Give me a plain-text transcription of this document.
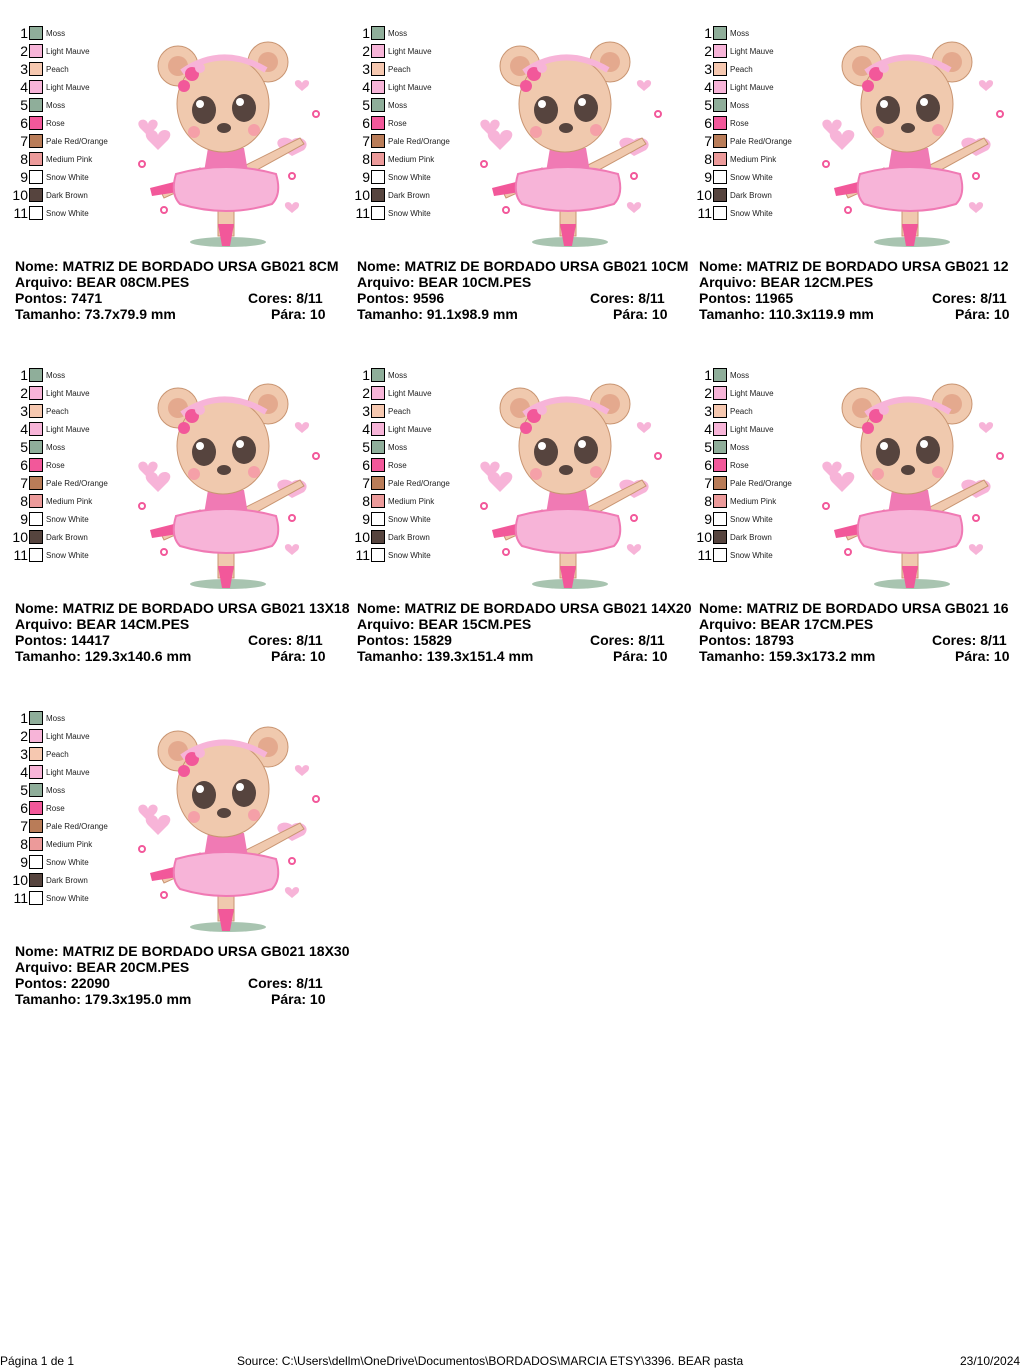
1 Moss
2 Light Mauve
3 Peach
4 Light Mauve
5 Moss
6 Rose
7 Pale Red/Orange
8 Medium Pink
9 Snow White
10 Dark Brown
11 Snow White
Nome: MATRIZ DE BORDADO URSA GB021 8CM
Arquivo: BEAR 08CM.PES
Pontos: 7471	Cores: 8/11
Tamanho: 73.7x79.9 mm	Pára: 10
1 Moss
2 Light Mauve
3 Peach
4 Light Mauve
5 Moss
6 Rose
7 Pale Red/Orange
8 Medium Pink
9 Snow White
10 Dark Brown
11 Snow White
Nome: MATRIZ DE BORDADO URSA GB021 10CM
Arquivo: BEAR 10CM.PES
Pontos: 9596	Cores: 8/11
Tamanho: 91.1x98.9 mm	Pára: 10
1 Moss
2 Light Mauve
3 Peach
4 Light Mauve
5 Moss
6 Rose
7 Pale Red/Orange
8 Medium Pink
9 Snow White
10 Dark Brown
11 Snow White
Nome: MATRIZ DE BORDADO URSA GB021 12
Arquivo: BEAR 12CM.PES
Pontos: 11965	Cores: 8/11
Tamanho: 110.3x119.9 mm	Pára: 10
1 Moss
2 Light Mauve
3 Peach
4 Light Mauve
5 Moss
6 Rose
7 Pale Red/Orange
8 Medium Pink
9 Snow White
10 Dark Brown
11 Snow White
Nome: MATRIZ DE BORDADO URSA GB021 13X18
Arquivo: BEAR 14CM.PES
Pontos: 14417	Cores: 8/11
Tamanho: 129.3x140.6 mm	Pára: 10
1 Moss
2 Light Mauve
3 Peach
4 Light Mauve
5 Moss
6 Rose
7 Pale Red/Orange
8 Medium Pink
9 Snow White
10 Dark Brown
11 Snow White
Nome: MATRIZ DE BORDADO URSA GB021 14X20
Arquivo: BEAR 15CM.PES
Pontos: 15829	Cores: 8/11
Tamanho: 139.3x151.4 mm	Pára: 10
1 Moss
2 Light Mauve
3 Peach
4 Light Mauve
5 Moss
6 Rose
7 Pale Red/Orange
8 Medium Pink
9 Snow White
10 Dark Brown
11 Snow White
Nome: MATRIZ DE BORDADO URSA GB021 16
Arquivo: BEAR 17CM.PES
Pontos: 18793	Cores: 8/11
Tamanho: 159.3x173.2 mm	Pára: 10
1 Moss
2 Light Mauve
3 Peach
4 Light Mauve
5 Moss
6 Rose
7 Pale Red/Orange
8 Medium Pink
9 Snow White
10 Dark Brown
11 Snow White
Nome: MATRIZ DE BORDADO URSA GB021 18X30
Arquivo: BEAR 20CM.PES
Pontos: 22090	Cores: 8/11
Tamanho: 179.3x195.0 mm	Pára: 10
Página 1 de 1	Source: C:\Users\dellm\OneDrive\Documentos\BORDADOS\MARCIA ETSY\3396. BEAR pasta	23/10/2024
